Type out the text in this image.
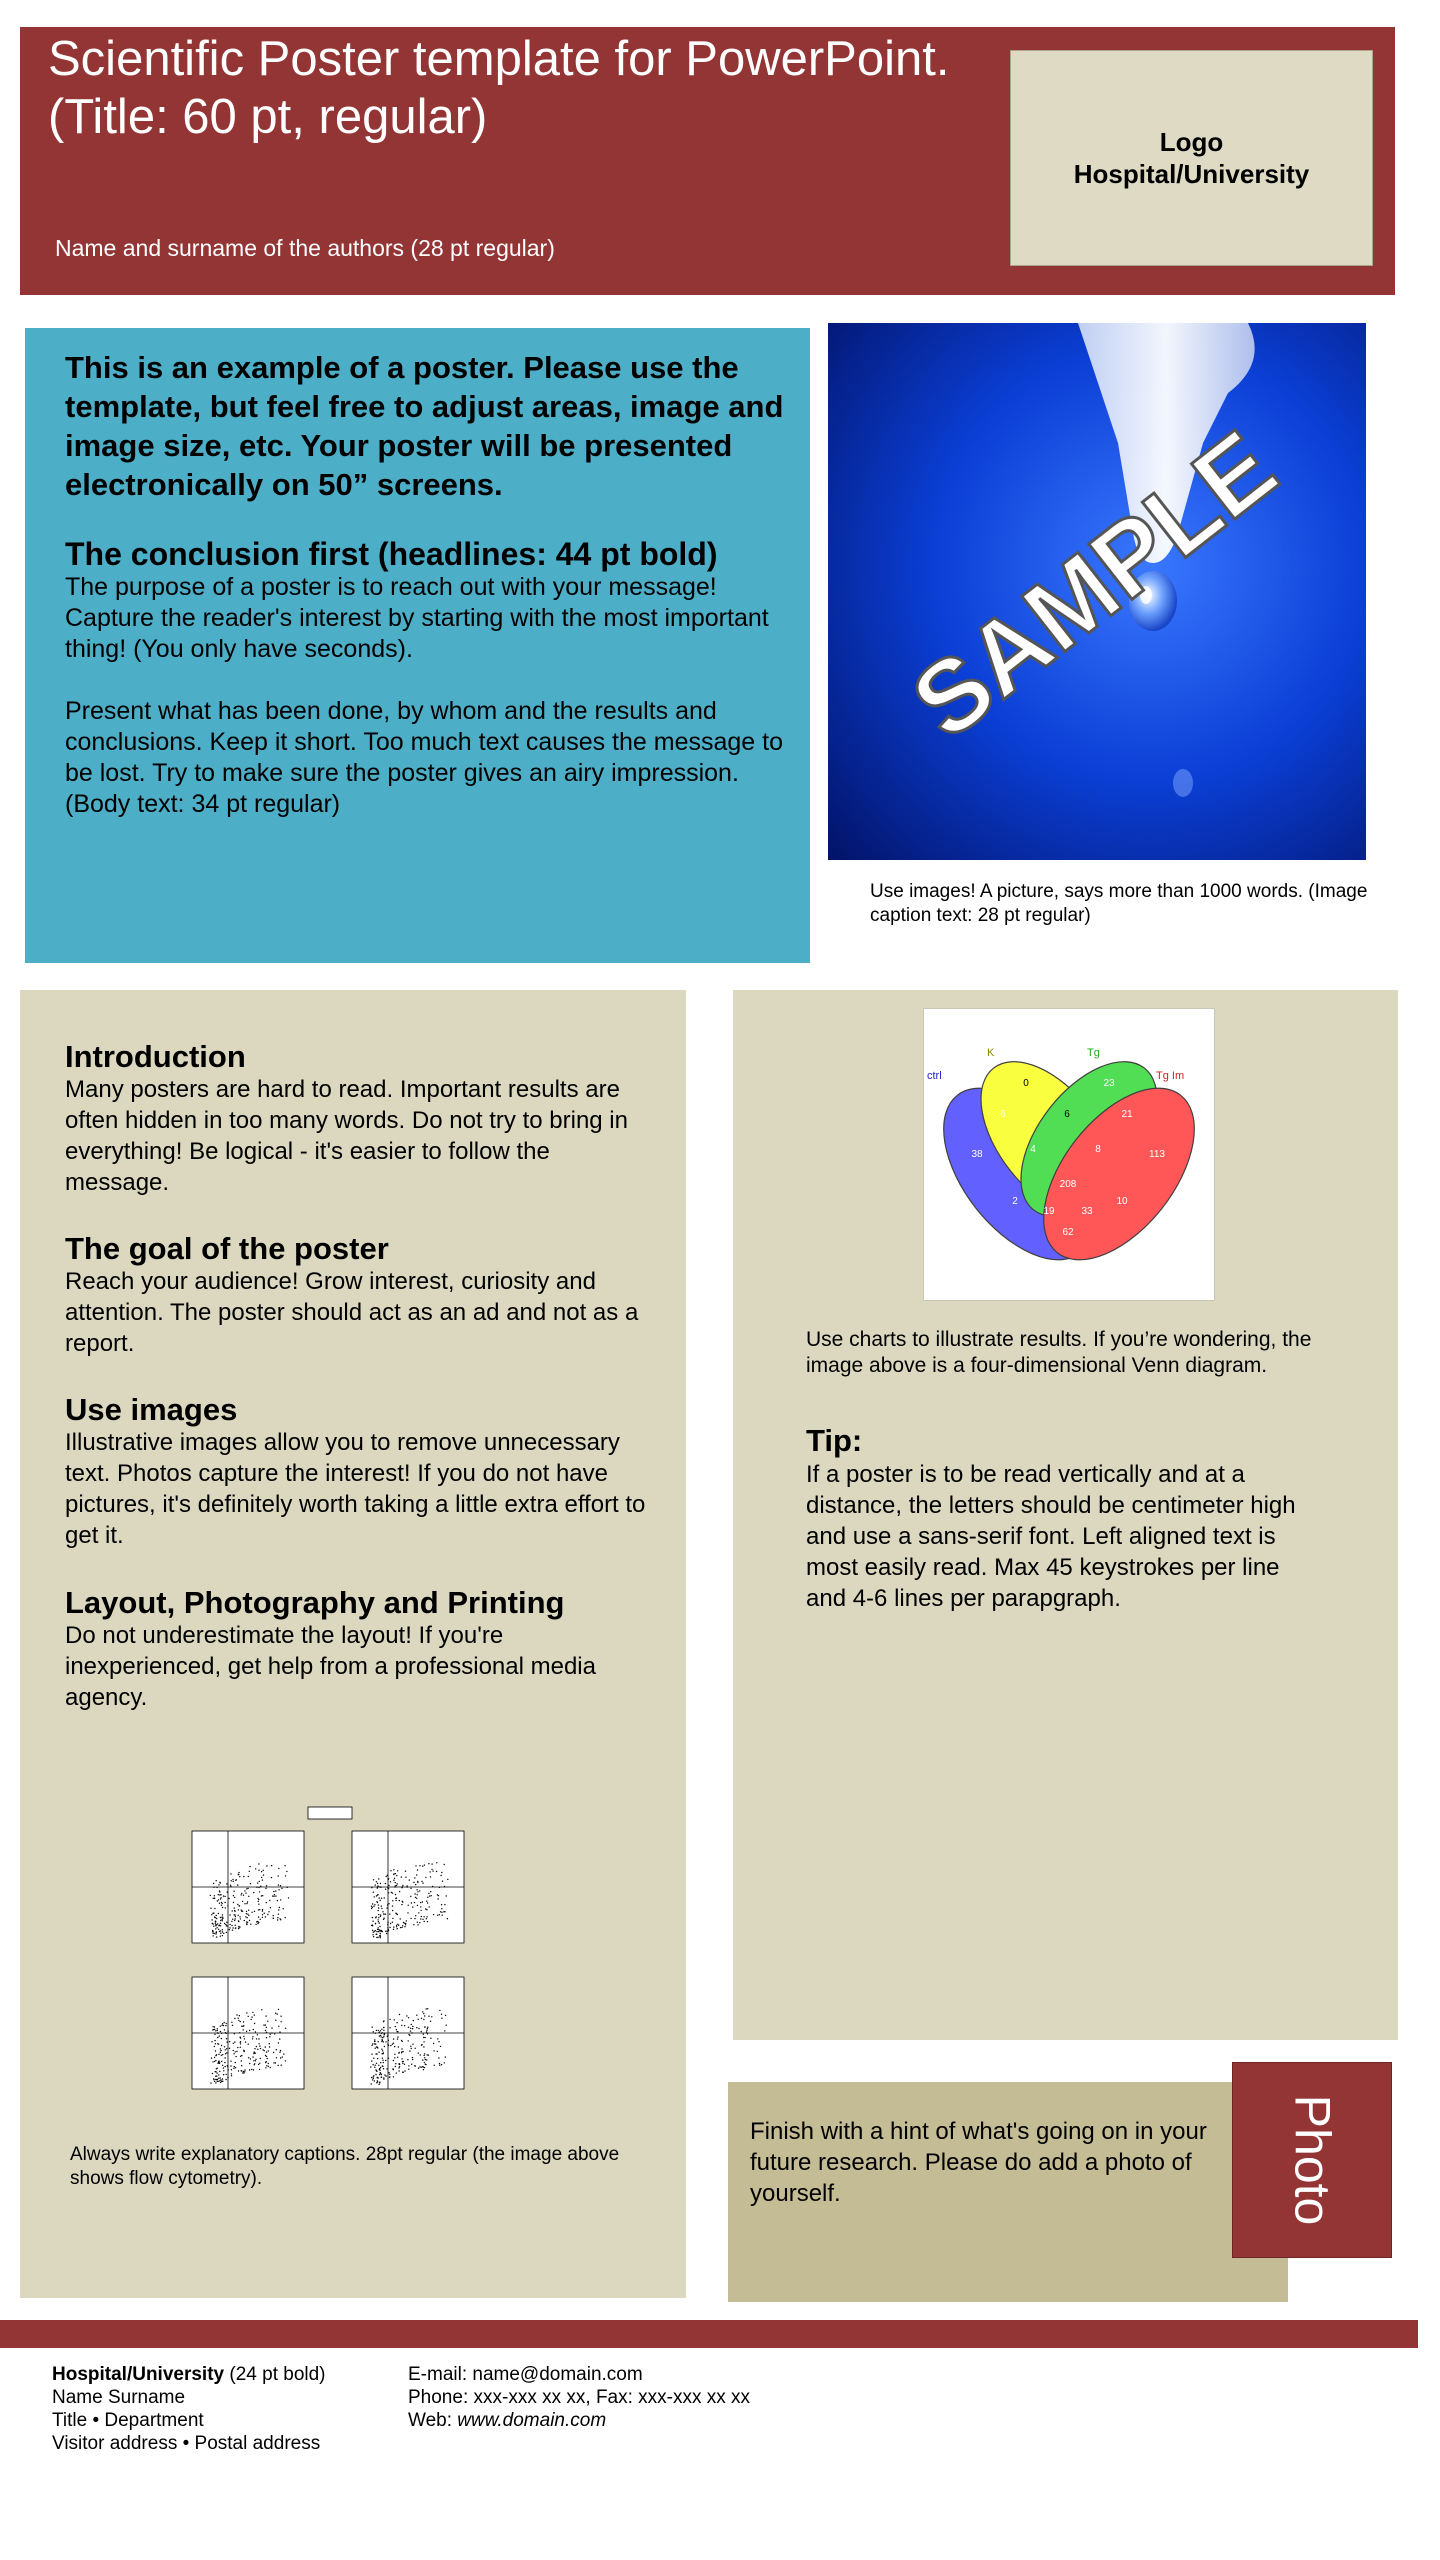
Scientific Poster template for PowerPoint.
(Title: 60 pt, regular)
Name and surname of the authors (28 pt regular)
Logo
Hospital/University

This is an example of a poster. Please use the template, but feel free to adjust areas, image and image size, etc. Your poster will be presented electronically on 50” screens.

The conclusion first (headlines: 44 pt bold)

The purpose of a poster is to reach out with your message! Capture the reader's interest by starting with the most important thing! (You only have seconds).

Present what has been done, by whom and the results and conclusions. Keep it short. Too much text causes the message to be lost. Try to make sure the poster gives an airy impression. (Body text: 34 pt regular)

SAMPLE
Use images! A picture, says more than 1000 words. (Image caption text: 28 pt regular)
Introduction

Many posters are hard to read. Important results are often hidden in too many words. Do not try to bring in everything! Be logical - it's easier to follow the message.

The goal of the poster

Reach your audience! Grow interest, curiosity and attention. The poster should act as an ad and not as a report.

Use images

Illustrative images allow you to remove unnecessary text. Photos capture the interest! If you do not have pictures, it's definitely worth taking a little extra effort to get it.

Layout, Photography and Printing

Do not underestimate the layout! If you're inexperienced, get help from a professional media agency.

Always write explanatory captions. 28pt regular (the image above shows flow cytometry).
ctrl
K	Tg
Tg Im
0	23
6	6	21
38	4	8	113
208
2	10
19	33
62
Use charts to illustrate results. If you’re wondering, the image above is a four-dimensional Venn diagram.
Tip:
If a poster is to be read vertically and at a distance, the letters should be centimeter high and use a sans-serif font. Left aligned text is most easily read. Max 45 keystrokes per line and 4-6 lines per parapgraph.
Finish with a hint of what's going on in your future research. Please do add a photo of yourself.	Photo
Hospital/University (24 pt bold)
Name Surname
Title • Department
Visitor address • Postal address
E-mail: name@domain.com
Phone: xxx-xxx xx xx, Fax: xxx-xxx xx xx
Web: www.domain.com
